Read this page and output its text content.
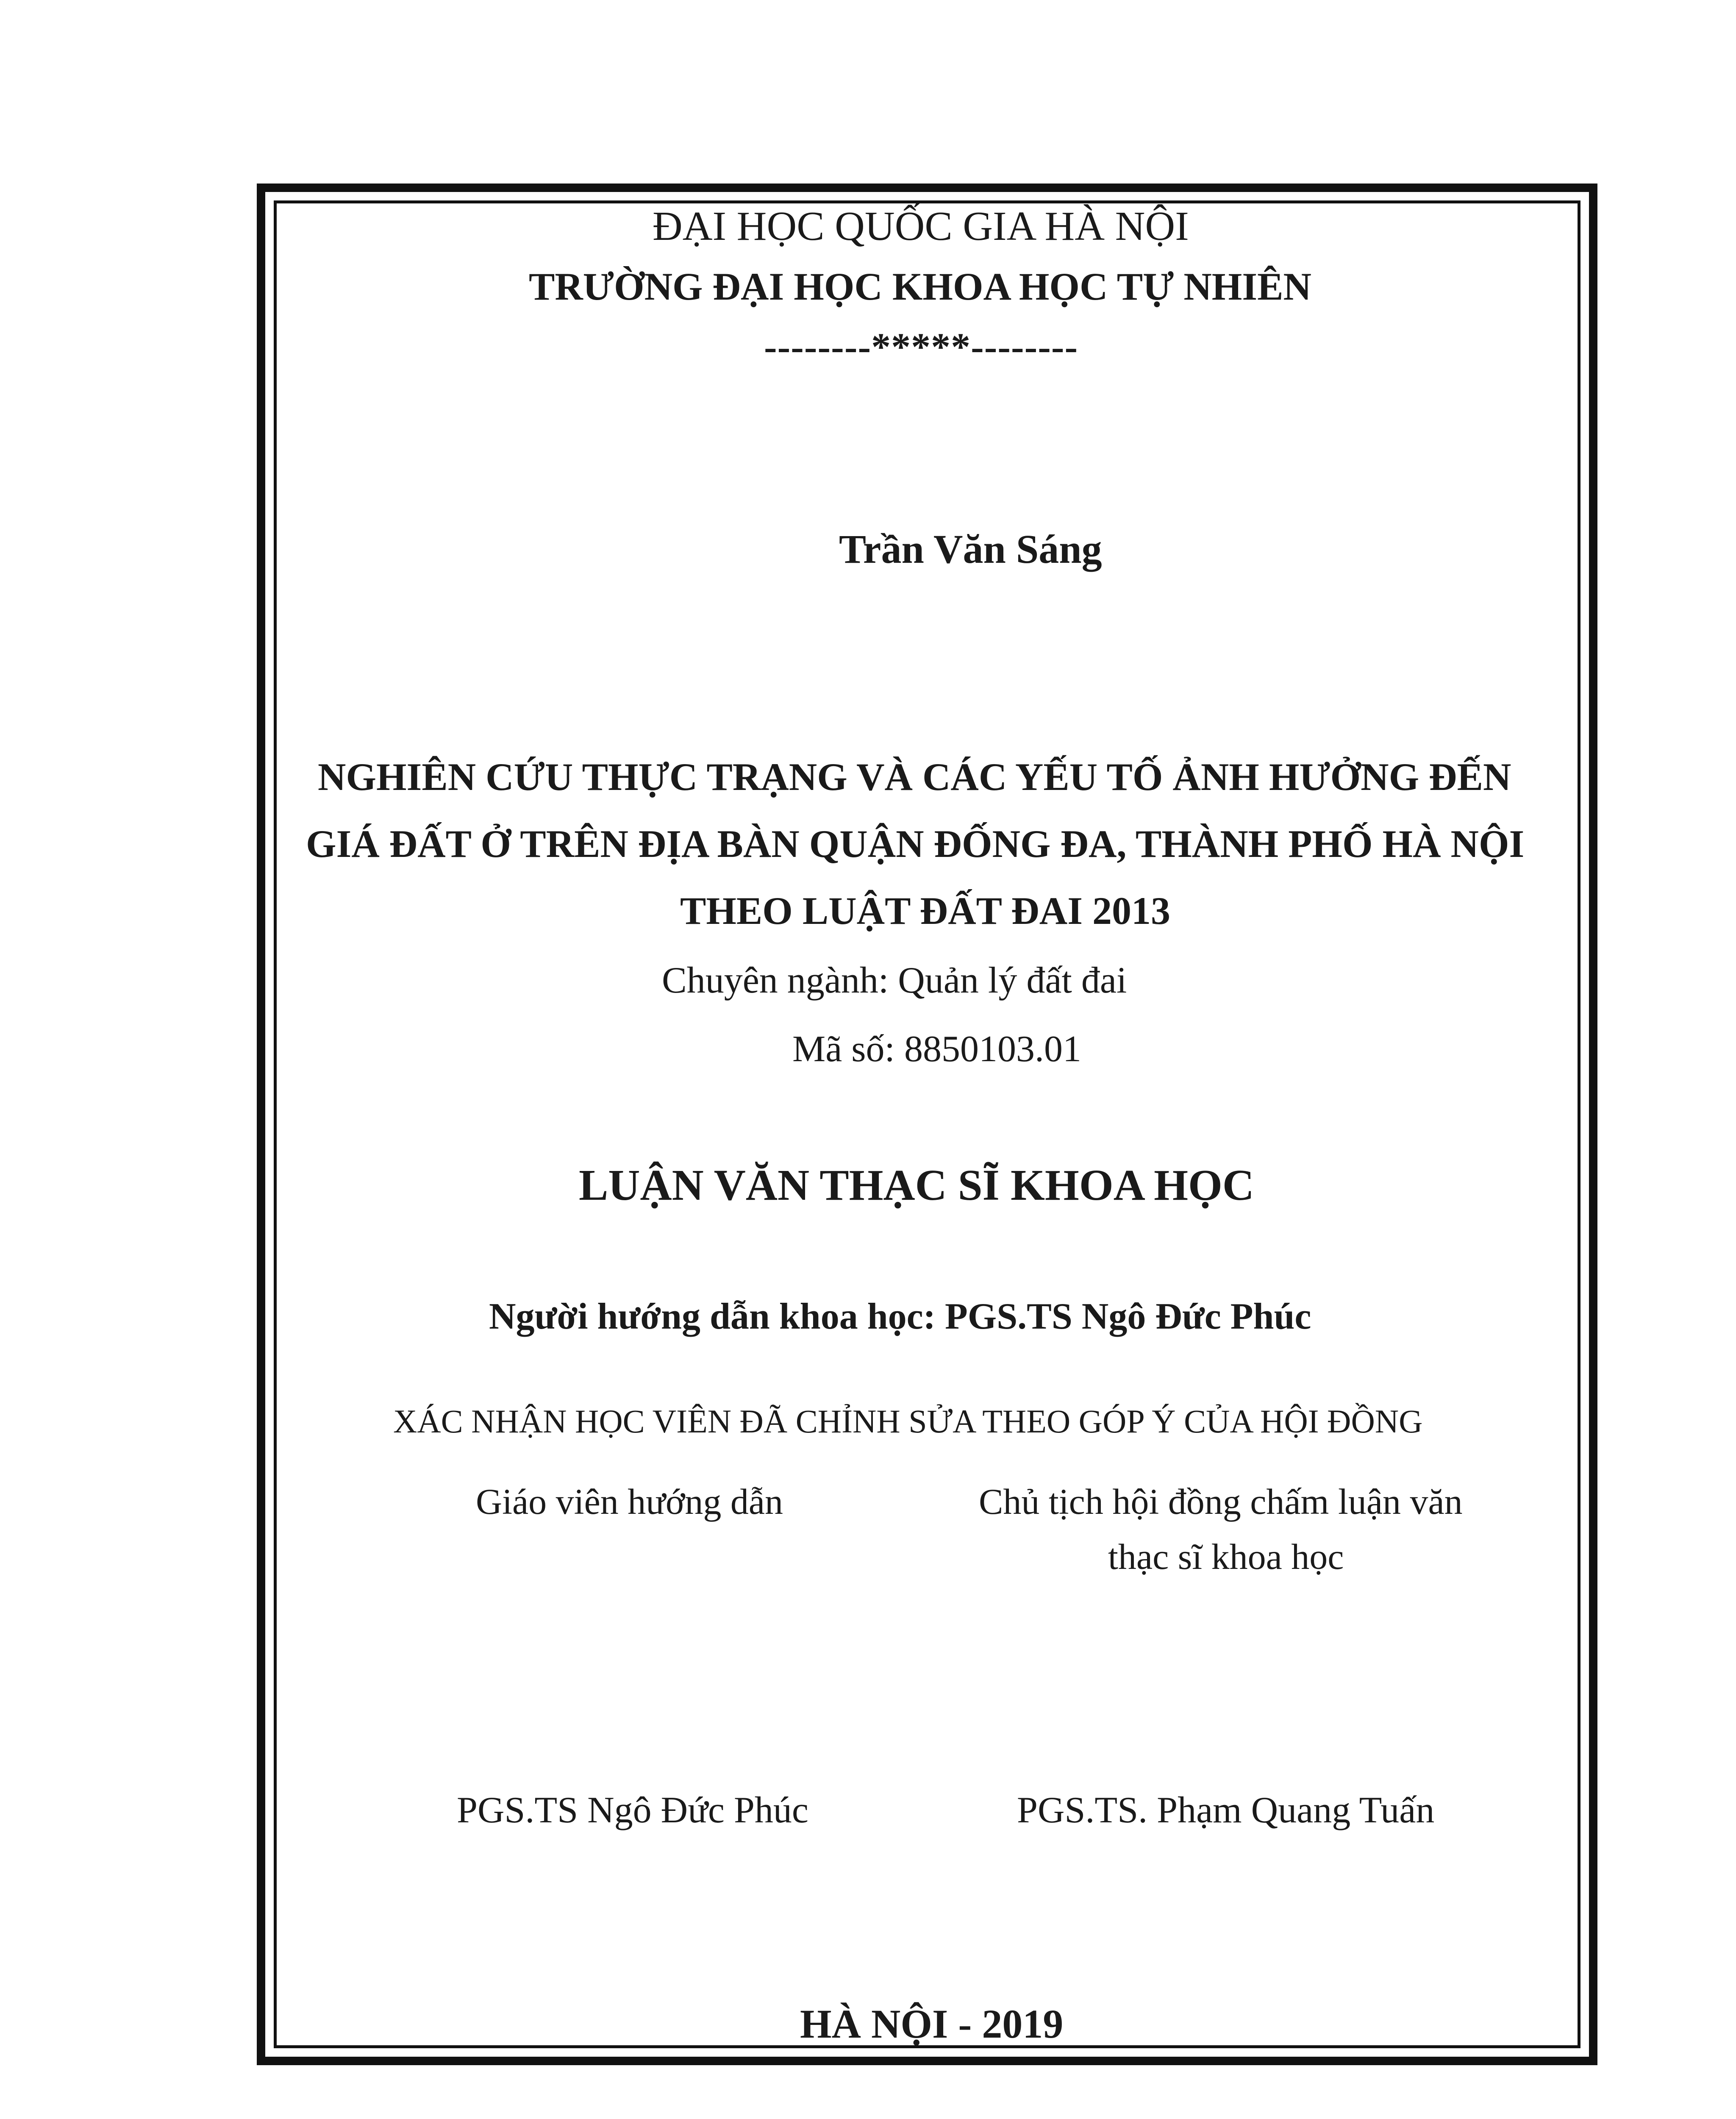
ĐẠI HỌC QUỐC GIA HÀ NỘI
TRƯỜNG ĐẠI HỌC KHOA HỌC TỰ NHIÊN
--------*****--------
Trần Văn Sáng
NGHIÊN CỨU THỰC TRẠNG VÀ CÁC YẾU TỐ ẢNH HƯỞNG ĐẾN
GIÁ ĐẤT Ở TRÊN ĐỊA BÀN QUẬN ĐỐNG ĐA, THÀNH PHỐ HÀ NỘI
THEO LUẬT ĐẤT ĐAI 2013
Chuyên ngành: Quản lý đất đai
Mã số: 8850103.01
LUẬN VĂN THẠC SĨ KHOA HỌC
Người hướng dẫn khoa học: PGS.TS Ngô Đức Phúc
XÁC NHẬN HỌC VIÊN ĐÃ CHỈNH SỬA THEO GÓP Ý CỦA HỘI ĐỒNG
Giáo viên hướng dẫn	Chủ tịch hội đồng chấm luận văn
thạc sĩ khoa học
PGS.TS Ngô Đức Phúc	PGS.TS. Phạm Quang Tuấn
HÀ NỘI - 2019
